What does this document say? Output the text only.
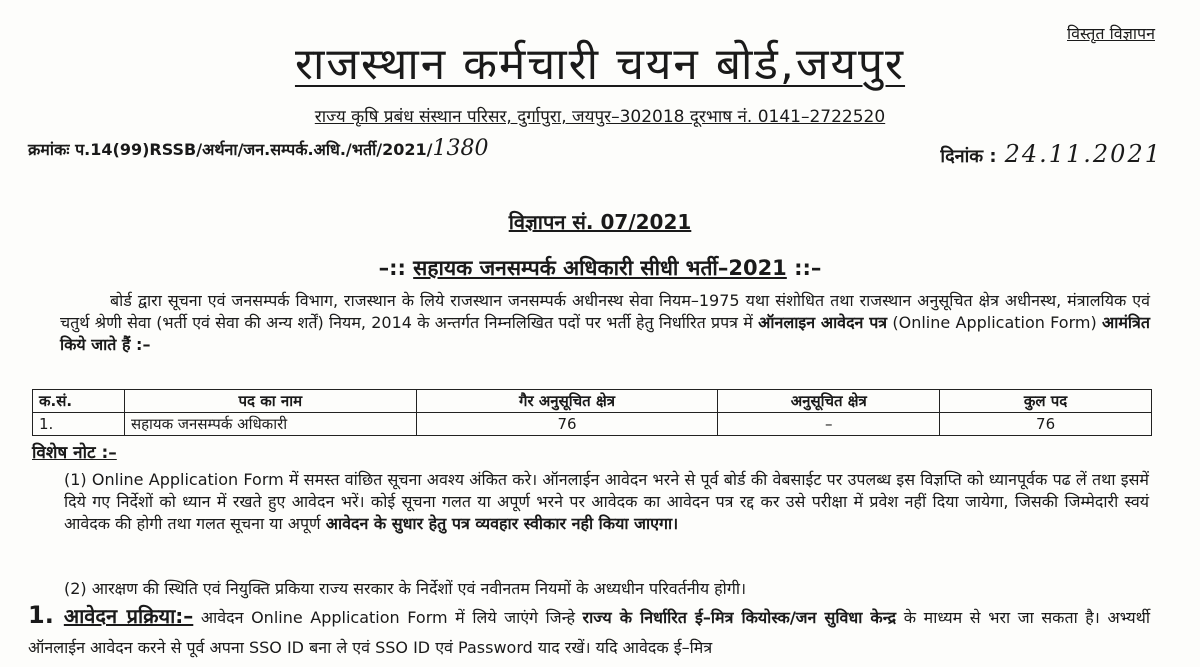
विस्तृत विज्ञापन
राजस्थान कर्मचारी चयन बोर्ड,जयपुर
राज्य कृषि प्रबंध संस्थान परिसर, दुर्गापुरा, जयपुर–302018 दूरभाष नं. 0141–2722520
क्रमांकः प.14(99)RSSB/अर्थना/जन.सम्पर्क.अधि./भर्ती/2021/1380	दिनांक : 24.11.2021
विज्ञापन सं. 07/2021
–:: सहायक जनसम्पर्क अधिकारी सीधी भर्ती–2021 ::–
बोर्ड द्वारा सूचना एवं जनसम्पर्क विभाग, राजस्थान के लिये राजस्थान जनसम्पर्क अधीनस्थ सेवा नियम–1975 यथा संशोधित तथा राजस्थान अनुसूचित क्षेत्र अधीनस्थ, मंत्रालयिक एवं चतुर्थ श्रेणी सेवा (भर्ती एवं सेवा की अन्य शर्तें) नियम, 2014 के अन्तर्गत निम्नलिखित पदों पर भर्ती हेतु निर्धारित प्रपत्र में ऑनलाइन आवेदन पत्र (Online Application Form) आमंत्रित किये जाते हैं :–
क.सं.	पद का नाम	गैर अनुसूचित क्षेत्र	अनुसूचित क्षेत्र	कुल पद
1.	सहायक जनसम्पर्क अधिकारी	76	–	76
विशेष नोट :–
(1) Online Application Form में समस्त वांछित सूचना अवश्य अंकित करे। ऑनलाईन आवेदन भरने से पूर्व बोर्ड की वेबसाईट पर उपलब्ध इस विज्ञप्ति को ध्यानपूर्वक पढ लें तथा इसमें दिये गए निर्देशों को ध्यान में रखते हुए आवेदन भरें। कोई सूचना गलत या अपूर्ण भरने पर आवेदक का आवेदन पत्र रद्द कर उसे परीक्षा में प्रवेश नहीं दिया जायेगा, जिसकी जिम्मेदारी स्वयं आवेदक की होगी तथा गलत सूचना या अपूर्ण आवेदन के सुधार हेतु पत्र व्यवहार स्वीकार नही किया जाएगा।
(2) आरक्षण की स्थिति एवं नियुक्ति प्रकिया राज्य सरकार के निर्देशों एवं नवीनतम नियमों के अध्यधीन परिवर्तनीय होगी।
1. आवेदन प्रक्रिया:– आवेदन Online Application Form में लिये जाएंगे जिन्हे राज्य के निर्धारित ई–मित्र कियोस्क/जन सुविधा केन्द्र के माध्यम से भरा जा सकता है। अभ्यर्थी ऑनलाईन आवेदन करने से पूर्व अपना SSO ID बना ले एवं SSO ID एवं Password याद रखें। यदि आवेदक ई–मित्र
